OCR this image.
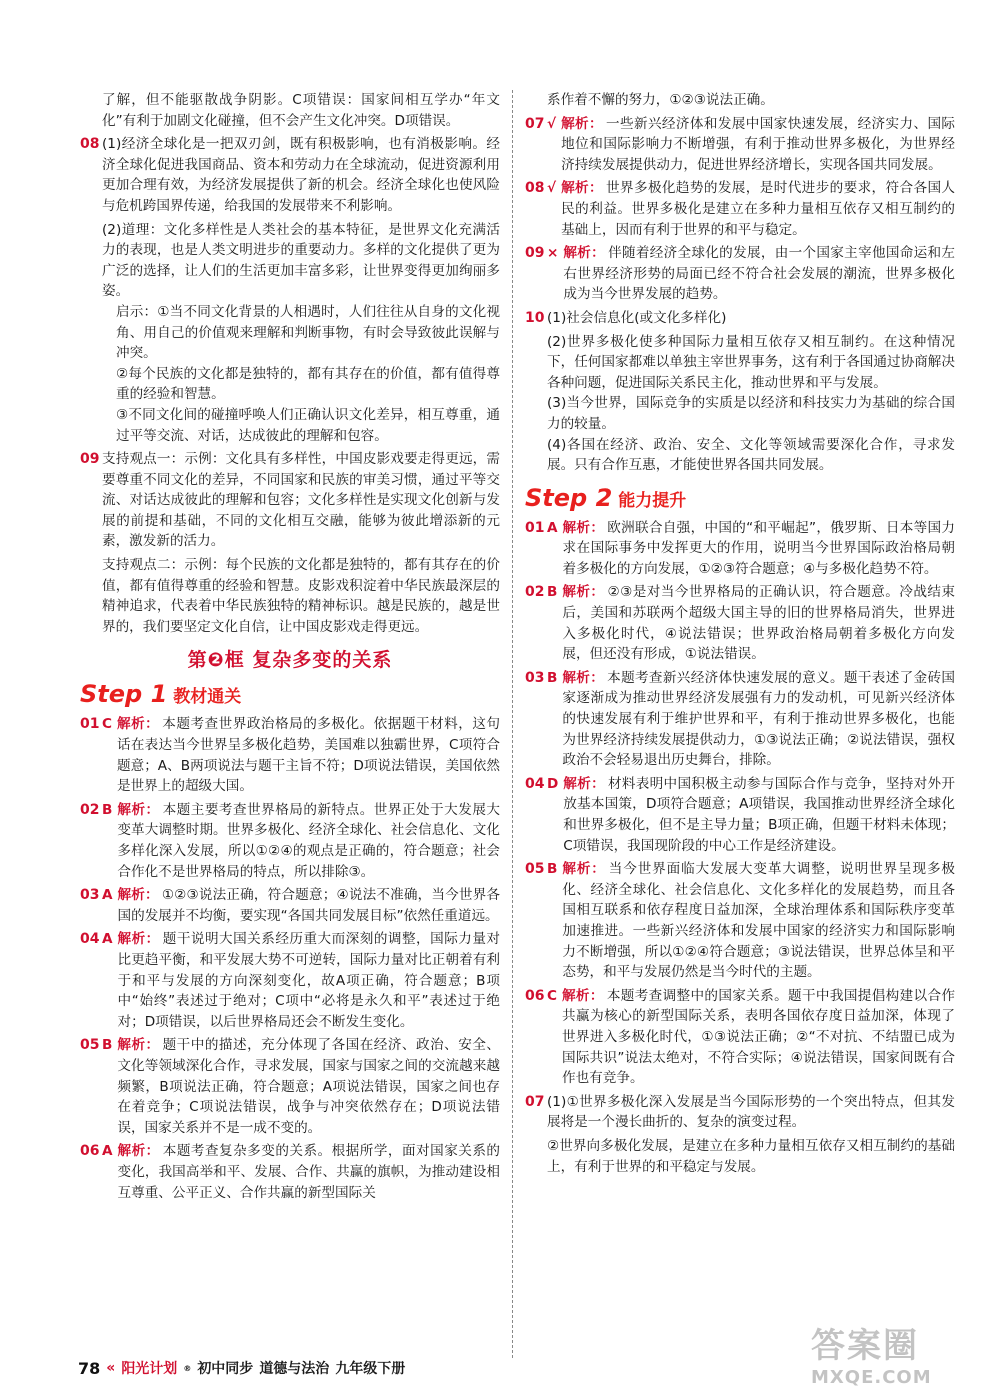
了解，但不能驱散战争阴影。C项错误：国家间相互学办“年文化”有利于加剧文化碰撞，但不会产生文化冲突。D项错误。
08 (1)经济全球化是一把双刃剑，既有积极影响，也有消极影响。经济全球化促进我国商品、资本和劳动力在全球流动，促进资源利用更加合理有效，为经济发展提供了新的机会。经济全球化也使风险与危机跨国界传递，给我国的发展带来不利影响。
(2)道理：文化多样性是人类社会的基本特征，是世界文化充满活力的表现，也是人类文明进步的重要动力。多样的文化提供了更为广泛的选择，让人们的生活更加丰富多彩，让世界变得更加绚丽多姿。
启示：①当不同文化背景的人相遇时，人们往往从自身的文化视角、用自己的价值观来理解和判断事物，有时会导致彼此误解与冲突。
②每个民族的文化都是独特的，都有其存在的价值，都有值得尊重的经验和智慧。
③不同文化间的碰撞呼唤人们正确认识文化差异，相互尊重，通过平等交流、对话，达成彼此的理解和包容。
09 支持观点一：示例：文化具有多样性，中国皮影戏要走得更远，需要尊重不同文化的差异，不同国家和民族的审美习惯，通过平等交流、对话达成彼此的理解和包容；文化多样性是实现文化创新与发展的前提和基础，不同的文化相互交融，能够为彼此增添新的元素，激发新的活力。
支持观点二：示例：每个民族的文化都是独特的，都有其存在的价值，都有值得尊重的经验和智慧。皮影戏积淀着中华民族最深层的精神追求，代表着中华民族独特的精神标识。越是民族的，越是世界的，我们要坚定文化自信，让中国皮影戏走得更远。
第❷框 复杂多变的关系
Step 1 教材通关
01 C 解析： 本题考查世界政治格局的多极化。依据题干材料，这句话在表达当今世界呈多极化趋势，美国难以独霸世界，C项符合题意；A、B两项说法与题干主旨不符；D项说法错误，美国依然是世界上的超级大国。
02 B 解析： 本题主要考查世界格局的新特点。世界正处于大发展大变革大调整时期。世界多极化、经济全球化、社会信息化、文化多样化深入发展，所以①②④的观点是正确的，符合题意；社会合作化不是世界格局的特点，所以排除③。
03 A 解析： ①②③说法正确，符合题意；④说法不准确，当今世界各国的发展并不均衡，要实现“各国共同发展目标”依然任重道远。
04 A 解析： 题干说明大国关系经历重大而深刻的调整，国际力量对比更趋平衡，和平发展大势不可逆转，国际力量对比正朝着有利于和平与发展的方向深刻变化，故A项正确，符合题意；B项中“始终”表述过于绝对；C项中“必将是永久和平”表述过于绝对；D项错误，以后世界格局还会不断发生变化。
05 B 解析： 题干中的描述，充分体现了各国在经济、政治、安全、文化等领域深化合作，寻求发展，国家与国家之间的交流越来越频繁，B项说法正确，符合题意；A项说法错误，国家之间也存在着竞争；C项说法错误，战争与冲突依然存在；D项说法错误，国家关系并不是一成不变的。
06 A 解析： 本题考查复杂多变的关系。根据所学，面对国家关系的变化，我国高举和平、发展、合作、共赢的旗帜，为推动建设相互尊重、公平正义、合作共赢的新型国际关
系作着不懈的努力，①②③说法正确。
07 √ 解析： 一些新兴经济体和发展中国家快速发展，经济实力、国际地位和国际影响力不断增强，有利于推动世界多极化，为世界经济持续发展提供动力，促进世界经济增长，实现各国共同发展。
08 √ 解析： 世界多极化趋势的发展，是时代进步的要求，符合各国人民的利益。世界多极化是建立在多种力量相互依存又相互制约的基础上，因而有利于世界的和平与稳定。
09 × 解析： 伴随着经济全球化的发展，由一个国家主宰他国命运和左右世界经济形势的局面已经不符合社会发展的潮流，世界多极化成为当今世界发展的趋势。
10 (1)社会信息化(或文化多样化)
(2)世界多极化使多种国际力量相互依存又相互制约。在这种情况下，任何国家都难以单独主宰世界事务，这有利于各国通过协商解决各种问题，促进国际关系民主化，推动世界和平与发展。
(3)当今世界，国际竞争的实质是以经济和科技实力为基础的综合国力的较量。
(4)各国在经济、政治、安全、文化等领域需要深化合作，寻求发展。只有合作互惠，才能使世界各国共同发展。
Step 2 能力提升
01 A 解析： 欧洲联合自强，中国的“和平崛起”，俄罗斯、日本等国力求在国际事务中发挥更大的作用，说明当今世界国际政治格局朝着多极化的方向发展，①②③符合题意；④与多极化趋势不符。
02 B 解析： ②③是对当今世界格局的正确认识，符合题意。冷战结束后，美国和苏联两个超级大国主导的旧的世界格局消失，世界进入多极化时代，④说法错误；世界政治格局朝着多极化方向发展，但还没有形成，①说法错误。
03 B 解析： 本题考查新兴经济体快速发展的意义。题干表述了金砖国家逐渐成为推动世界经济发展强有力的发动机，可见新兴经济体的快速发展有利于维护世界和平，有利于推动世界多极化，也能为世界经济持续发展提供动力，①③说法正确；②说法错误，强权政治不会轻易退出历史舞台，排除。
04 D 解析： 材料表明中国积极主动参与国际合作与竞争，坚持对外开放基本国策，D项符合题意；A项错误，我国推动世界经济全球化和世界多极化，但不是主导力量；B项正确，但题干材料未体现；C项错误，我国现阶段的中心工作是经济建设。
05 B 解析： 当今世界面临大发展大变革大调整，说明世界呈现多极化、经济全球化、社会信息化、文化多样化的发展趋势，而且各国相互联系和依存程度日益加深，全球治理体系和国际秩序变革加速推进。一些新兴经济体和发展中国家的经济实力和国际影响力不断增强，所以①②④符合题意；③说法错误，世界总体呈和平态势，和平与发展仍然是当今时代的主题。
06 C 解析： 本题考查调整中的国家关系。题干中我国提倡构建以合作共赢为核心的新型国际关系，表明各国依存度日益加深，体现了世界进入多极化时代，①③说法正确；②“不对抗、不结盟已成为国际共识”说法太绝对，不符合实际；④说法错误，国家间既有合作也有竞争。
07 (1)①世界多极化深入发展是当今国际形势的一个突出特点，但其发展将是一个漫长曲折的、复杂的演变过程。
②世界向多极化发展，是建立在多种力量相互依存又相互制约的基础上，有利于世界的和平稳定与发展。
78 « 阳光计划 ® 初中同步 道德与法治 九年级下册
答案圈
MXQE.COM
